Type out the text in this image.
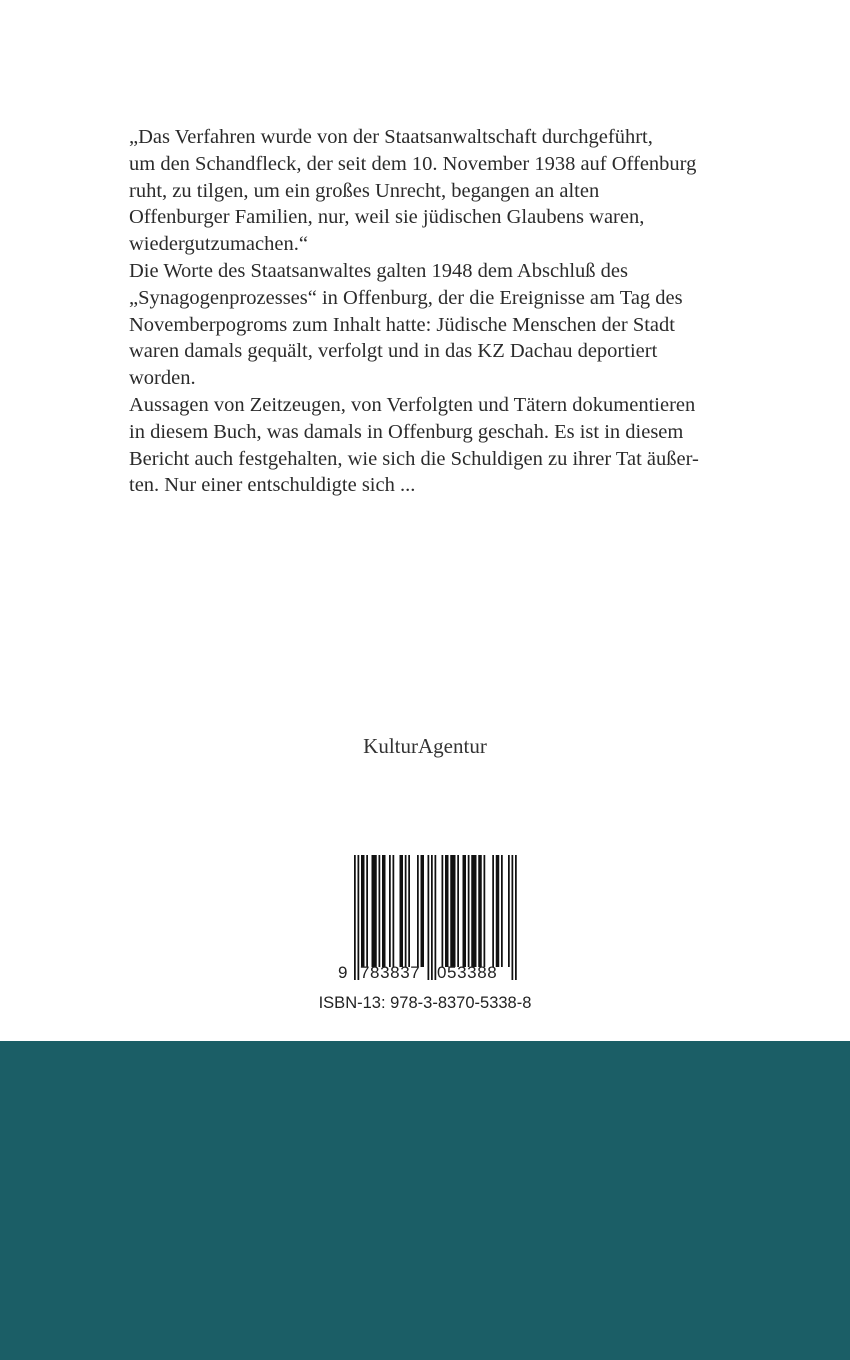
„Das Verfahren wurde von der Staatsanwaltschaft durchgeführt,
um den Schandfleck, der seit dem 10. November 1938 auf Offenburg
ruht, zu tilgen, um ein großes Unrecht, begangen an alten
Offenburger Familien, nur, weil sie jüdischen Glaubens waren,
wiedergutzumachen.“
Die Worte des Staatsanwaltes galten 1948 dem Abschluß des
„Synagogenprozesses“ in Offenburg, der die Ereignisse am Tag des
Novemberpogroms zum Inhalt hatte: Jüdische Menschen der Stadt
waren damals gequält, verfolgt und in das KZ Dachau deportiert
worden.
Aussagen von Zeitzeugen, von Verfolgten und Tätern dokumentieren
in diesem Buch, was damals in Offenburg geschah. Es ist in diesem
Bericht auch festgehalten, wie sich die Schuldigen zu ihrer Tat äußer-
ten. Nur einer entschuldigte sich ...
KulturAgentur
9 783837 053388
ISBN-13: 978-3-8370-5338-8
